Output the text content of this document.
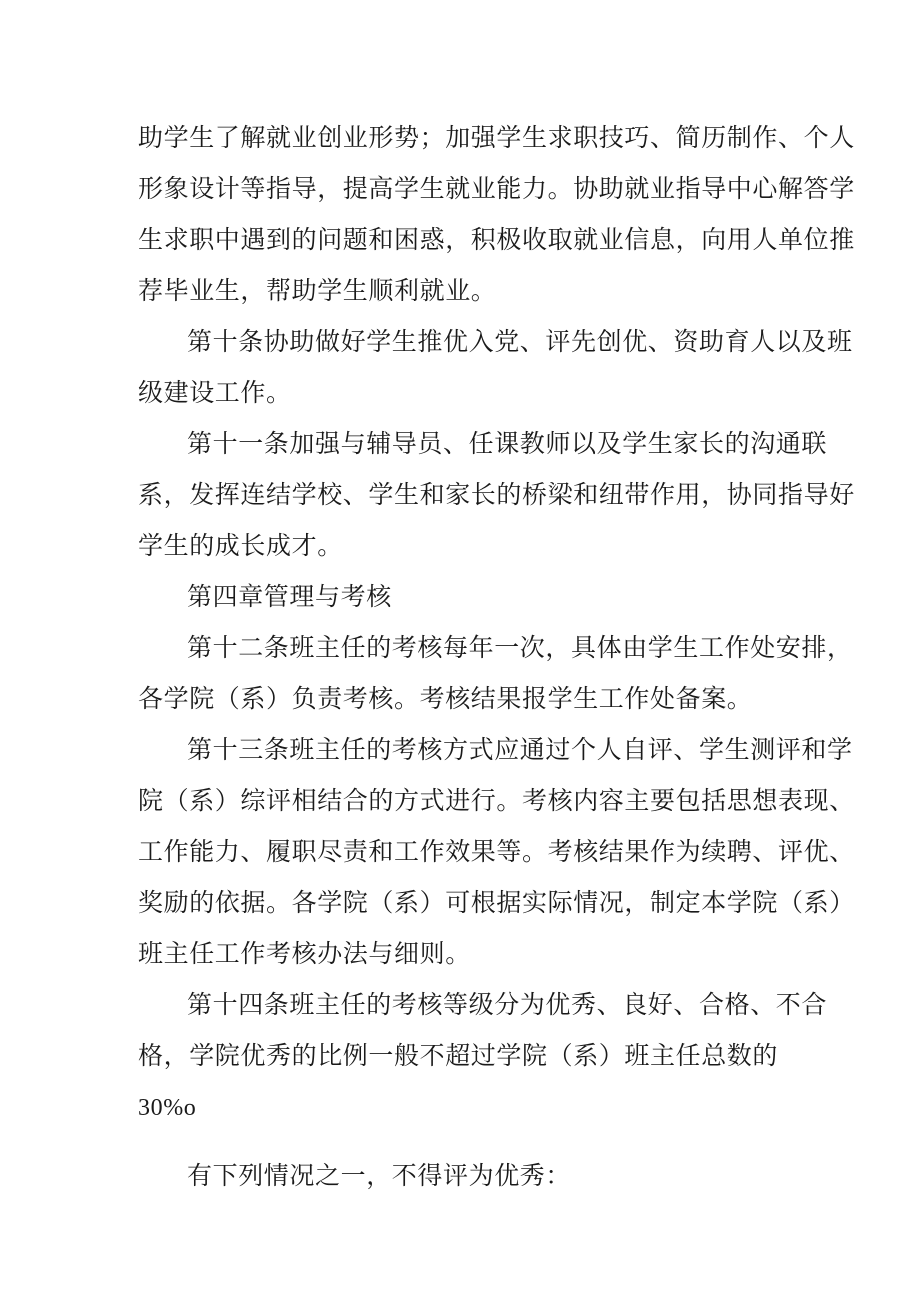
助学生了解就业创业形势；加强学生求职技巧、简历制作、个人
形象设计等指导，提高学生就业能力。协助就业指导中心解答学
生求职中遇到的问题和困惑，积极收取就业信息，向用人单位推
荐毕业生，帮助学生顺利就业。
第十条协助做好学生推优入党、评先创优、资助育人以及班
级建设工作。
第十一条加强与辅导员、任课教师以及学生家长的沟通联
系，发挥连结学校、学生和家长的桥梁和纽带作用，协同指导好
学生的成长成才。
第四章管理与考核
第十二条班主任的考核每年一次，具体由学生工作处安排，
各学院（系）负责考核。考核结果报学生工作处备案。
第十三条班主任的考核方式应通过个人自评、学生测评和学
院（系）综评相结合的方式进行。考核内容主要包括思想表现、
工作能力、履职尽责和工作效果等。考核结果作为续聘、评优、
奖励的依据。各学院（系）可根据实际情况，制定本学院（系）
班主任工作考核办法与细则。
第十四条班主任的考核等级分为优秀、良好、合格、不合
格，学院优秀的比例一般不超过学院（系）班主任总数的
30%o
有下列情况之一，不得评为优秀：
